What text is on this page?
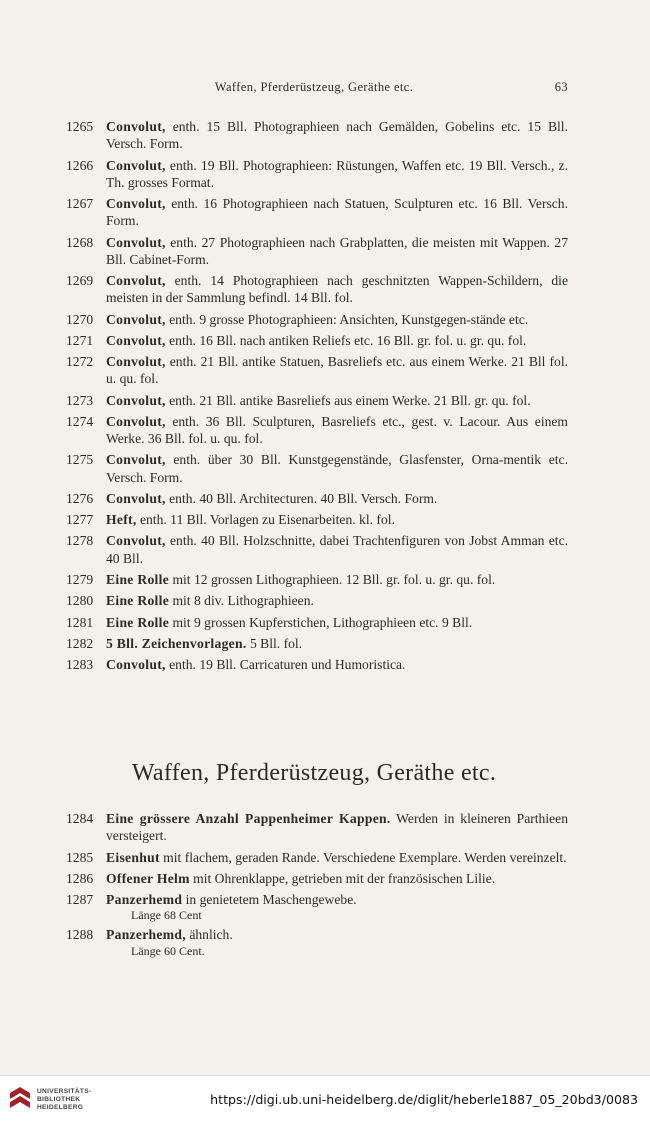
Waffen, Pferderüstzeug, Geräthe etc.	63
1265 Convolut, enth. 15 Bll. Photographieen nach Gemälden, Gobelins etc. 15 Bll. Versch. Form.
1266 Convolut, enth. 19 Bll. Photographieen: Rüstungen, Waffen etc. 19 Bll. Versch., z. Th. grosses Format.
1267 Convolut, enth. 16 Photographieen nach Statuen, Sculpturen etc. 16 Bll. Versch. Form.
1268 Convolut, enth. 27 Photographieen nach Grabplatten, die meisten mit Wappen. 27 Bll. Cabinet-Form.
1269 Convolut, enth. 14 Photographieen nach geschnitzten Wappen-Schildern, die meisten in der Sammlung befindl. 14 Bll. fol.
1270 Convolut, enth. 9 grosse Photographieen: Ansichten, Kunstgegen-stände etc.
1271 Convolut, enth. 16 Bll. nach antiken Reliefs etc. 16 Bll. gr. fol. u. gr. qu. fol.
1272 Convolut, enth. 21 Bll. antike Statuen, Basreliefs etc. aus einem Werke. 21 Bll fol. u. qu. fol.
1273 Convolut, enth. 21 Bll. antike Basreliefs aus einem Werke. 21 Bll. gr. qu. fol.
1274 Convolut, enth. 36 Bll. Sculpturen, Basreliefs etc., gest. v. Lacour. Aus einem Werke. 36 Bll. fol. u. qu. fol.
1275 Convolut, enth. über 30 Bll. Kunstgegenstände, Glasfenster, Orna-mentik etc. Versch. Form.
1276 Convolut, enth. 40 Bll. Architecturen. 40 Bll. Versch. Form.
1277 Heft, enth. 11 Bll. Vorlagen zu Eisenarbeiten. kl. fol.
1278 Convolut, enth. 40 Bll. Holzschnitte, dabei Trachtenfiguren von Jobst Amman etc. 40 Bll.
1279 Eine Rolle mit 12 grossen Lithographieen. 12 Bll. gr. fol. u. gr. qu. fol.
1280 Eine Rolle mit 8 div. Lithographieen.
1281 Eine Rolle mit 9 grossen Kupferstichen, Lithographieen etc. 9 Bll.
1282 5 Bll. Zeichenvorlagen. 5 Bll. fol.
1283 Convolut, enth. 19 Bll. Carricaturen und Humoristica.
Waffen, Pferderüstzeug, Geräthe etc.
1284 Eine grössere Anzahl Pappenheimer Kappen. Werden in kleineren Parthieen versteigert.
1285 Eisenhut mit flachem, geraden Rande. Verschiedene Exemplare. Werden vereinzelt.
1286 Offener Helm mit Ohrenklappe, getrieben mit der französischen Lilie.
1287 Panzerhemd in genietetem Maschengewebe.
Länge 68 Cent
1288 Panzerhemd, ähnlich.
Länge 60 Cent.
UNIVERSITÄTS-
BIBLIOTHEK
HEIDELBERG
https://digi.ub.uni-heidelberg.de/diglit/heberle1887_05_20bd3/0083
